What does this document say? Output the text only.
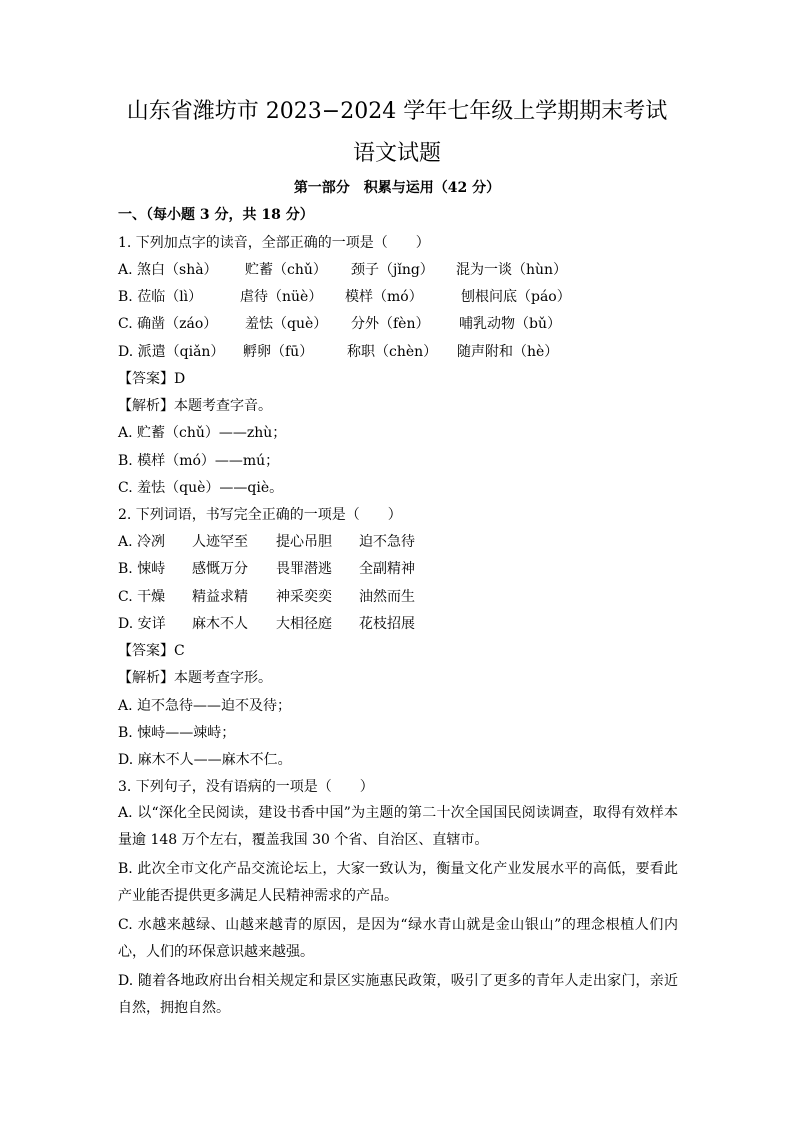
山东省潍坊市 2023−2024 学年七年级上学期期末考试
语文试题
第一部分　积累与运用（42 分）
一、（每小题 3 分，共 18 分）
1. 下列加点字的读音，全部正确的一项是（　　）
A. 煞白（shà） 贮蓄（chǔ） 颈子（jǐng） 混为一谈（hùn）
B. 莅临（lì）	虐待（nüè） 模样（mó）	刨根问底（páo）
C. 确凿（záo） 羞怯（què） 分外（fèn） 哺乳动物（bǔ）
D. 派遣（qiǎn） 孵卵（fū） 称职（chèn） 随声附和（hè）
【答案】D
【解析】本题考查字音。
A. 贮蓄（chǔ）——zhù；
B. 模样（mó）——mú；
C. 羞怯（què）——qiè。
2. 下列词语，书写完全正确的一项是（　　）
A. 冷冽 人迹罕至 提心吊胆 迫不急待
B. 悚峙 感慨万分 畏罪潜逃 全副精神
C. 干燥 精益求精 神采奕奕 油然而生
D. 安详 麻木不人 大相径庭 花枝招展
【答案】C
【解析】本题考查字形。
A. 迫不急待——迫不及待；
B. 悚峙——竦峙；
D. 麻木不人——麻木不仁。
3. 下列句子，没有语病的一项是（　　）
A. 以“深化全民阅读，建设书香中国”为主题的第二十次全国国民阅读调查，取得有效样本量逾 148 万个左右，覆盖我国 30 个省、自治区、直辖市。
B. 此次全市文化产品交流论坛上，大家一致认为，衡量文化产业发展水平的高低，要看此产业能否提供更多满足人民精神需求的产品。
C. 水越来越绿、山越来越青的原因，是因为“绿水青山就是金山银山”的理念根植人们内心，人们的环保意识越来越强。
D. 随着各地政府出台相关规定和景区实施惠民政策，吸引了更多的青年人走出家门，亲近自然，拥抱自然。
